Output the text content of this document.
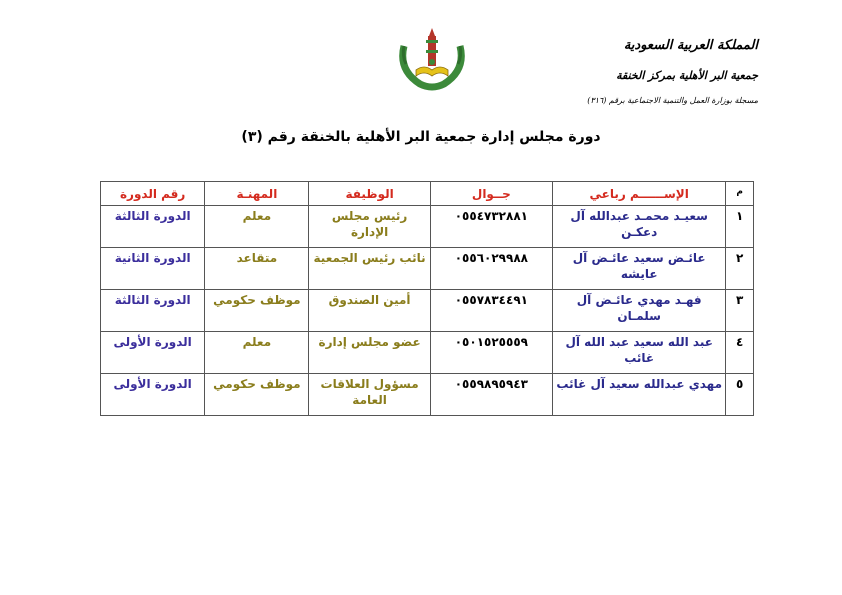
المملكة العربية السعودية
جمعية البر الأهلية بمركز الخنقة
مسجلة بوزارة العمل والتنمية الاجتماعية برقم (٣١٦)
دورة مجلس إدارة جمعية البر الأهلية بالخنقة رقم (٣)
م	الإســــــم رباعي	جــوال	الوظيفة	المهنـة	رقم الدورة
١	سعيـد محمـد عبدالله آل دعكـن	٠٥٥٤٧٣٢٨٨١	رئيس مجلس الإدارة	معلم	الدورة الثالثة
٢	عائـض سعيد عائـض آل عايشه	٠٥٥٦٠٢٩٩٨٨	نائب رئيس الجمعية	متقاعد	الدورة الثانية
٣	فهـد مهدي عائـض آل سلمـان	٠٥٥٧٨٣٤٤٩١	أمين الصندوق	موظف حكومي	الدورة الثالثة
٤	عبد الله سعيد عبد الله آل غائب	٠٥٠١٥٢٥٥٥٩	عضو مجلس إدارة	معلم	الدورة الأولى
٥	مهدي عبدالله سعيد آل غائب	٠٥٥٩٨٩٥٩٤٣	مسؤول العلاقات العامة	موظف حكومي	الدورة الأولى
